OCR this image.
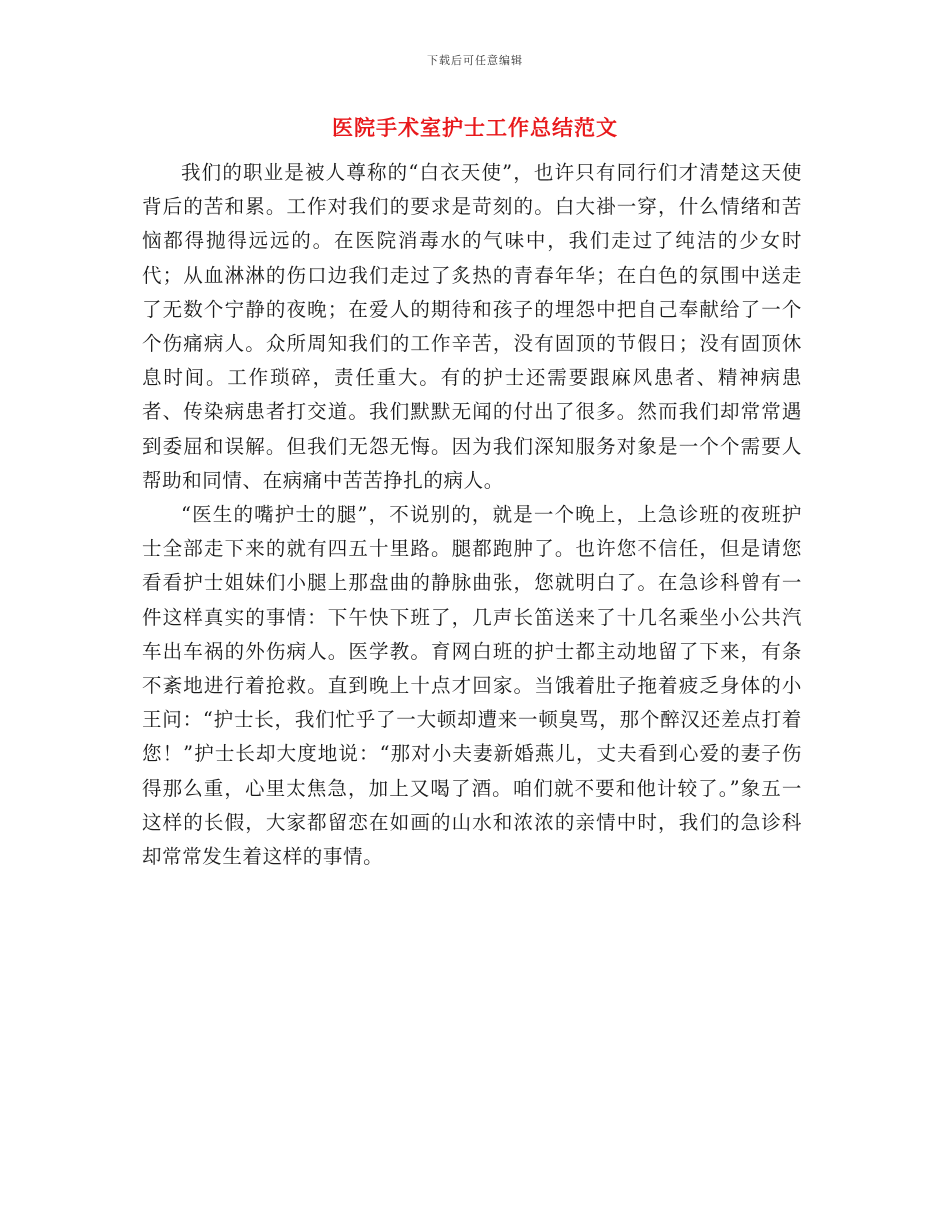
下载后可任意编辑
医院手术室护士工作总结范文

我们的职业是被人尊称的“白衣天使”，也许只有同行们才清楚这天使背后的苦和累。工作对我们的要求是苛刻的。白大褂一穿，什么情绪和苦恼都得抛得远远的。在医院消毒水的气味中，我们走过了纯洁的少女时代；从血淋淋的伤口边我们走过了炙热的青春年华；在白色的氛围中送走了无数个宁静的夜晚；在爱人的期待和孩子的埋怨中把自己奉献给了一个个伤痛病人。众所周知我们的工作辛苦，没有固顶的节假日；没有固顶休息时间。工作琐碎，责任重大。有的护士还需要跟麻风患者、精神病患者、传染病患者打交道。我们默默无闻的付出了很多。然而我们却常常遇到委屈和误解。但我们无怨无悔。因为我们深知服务对象是一个个需要人帮助和同情、在病痛中苦苦挣扎的病人。

“医生的嘴护士的腿”，不说别的，就是一个晚上，上急诊班的夜班护士全部走下来的就有四五十里路。腿都跑肿了。也许您不信任，但是请您看看护士姐妹们小腿上那盘曲的静脉曲张，您就明白了。在急诊科曾有一件这样真实的事情：下午快下班了，几声长笛送来了十几名乘坐小公共汽车出车祸的外伤病人。医学教。育网白班的护士都主动地留了下来，有条不紊地进行着抢救。直到晚上十点才回家。当饿着肚子拖着疲乏身体的小王问：“护士长，我们忙乎了一大顿却遭来一顿臭骂，那个醉汉还差点打着您！”护士长却大度地说：“那对小夫妻新婚燕儿，丈夫看到心爱的妻子伤得那么重，心里太焦急，加上又喝了酒。咱们就不要和他计较了。”象五一这样的长假，大家都留恋在如画的山水和浓浓的亲情中时，我们的急诊科却常常发生着这样的事情。
